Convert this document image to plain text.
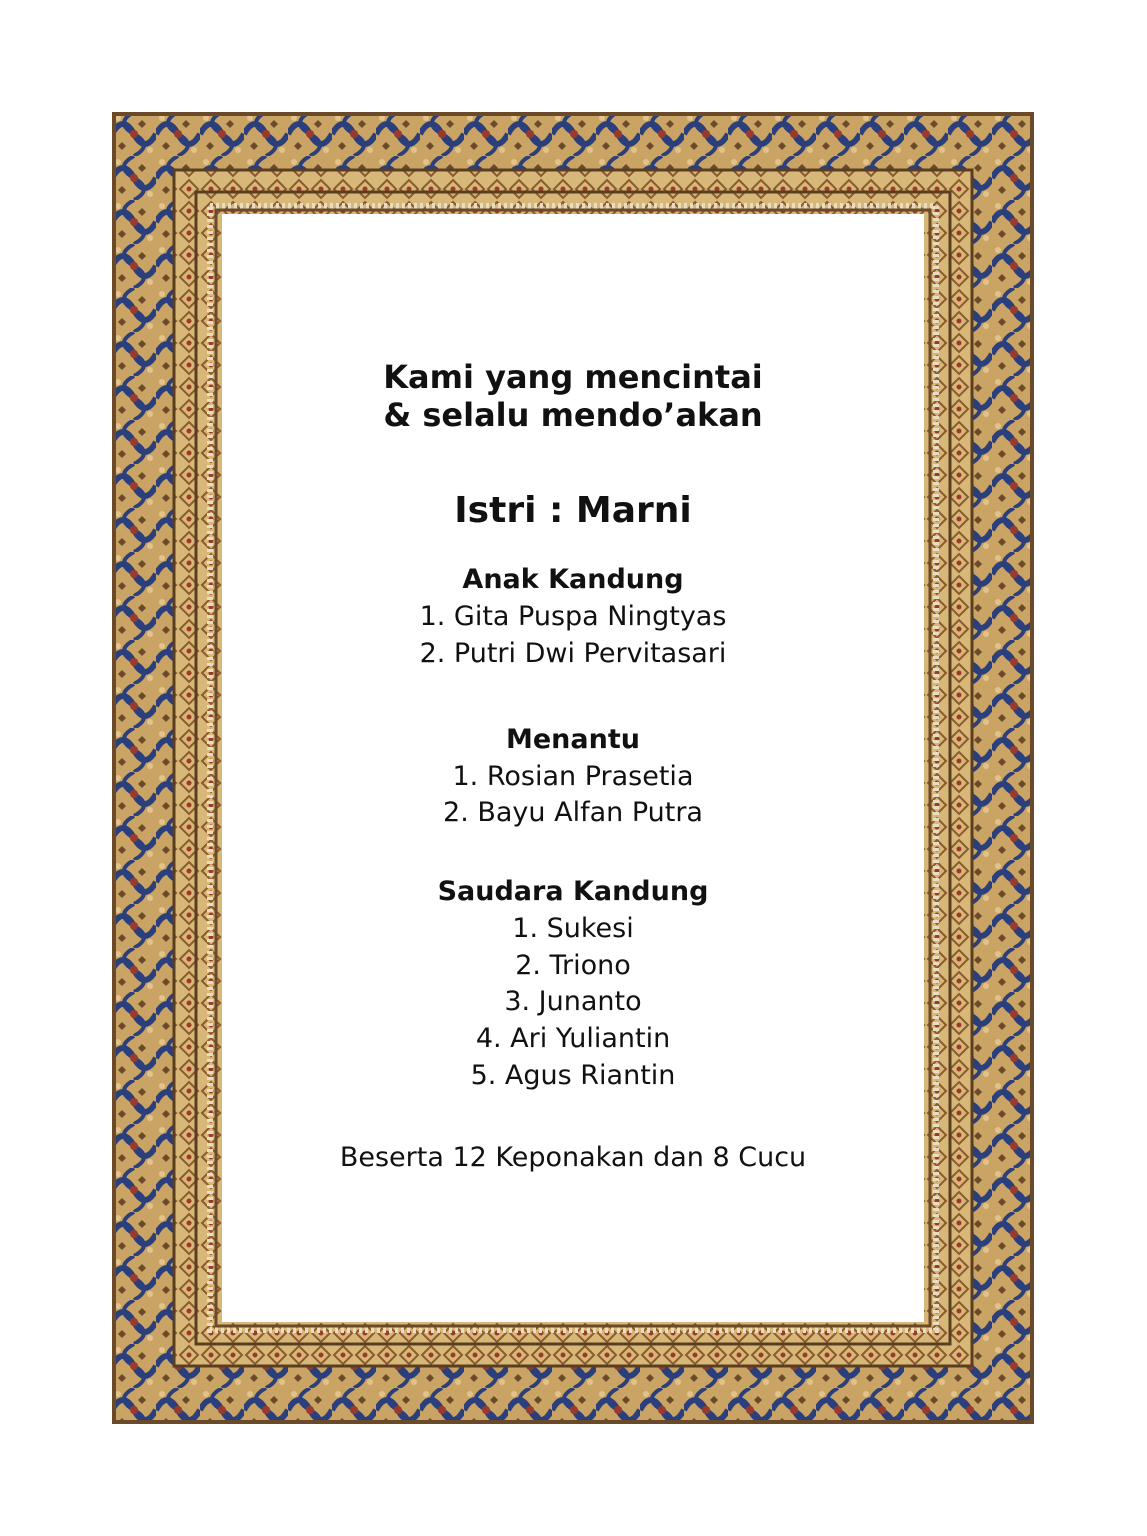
Kami yang mencintai
& selalu mendo’akan
Istri : Marni
Anak Kandung
1. Gita Puspa Ningtyas
2. Putri Dwi Pervitasari
Menantu
1. Rosian Prasetia
2. Bayu Alfan Putra
Saudara Kandung
1. Sukesi
2. Triono
3. Junanto
4. Ari Yuliantin
5. Agus Riantin
Beserta 12 Keponakan dan 8 Cucu
